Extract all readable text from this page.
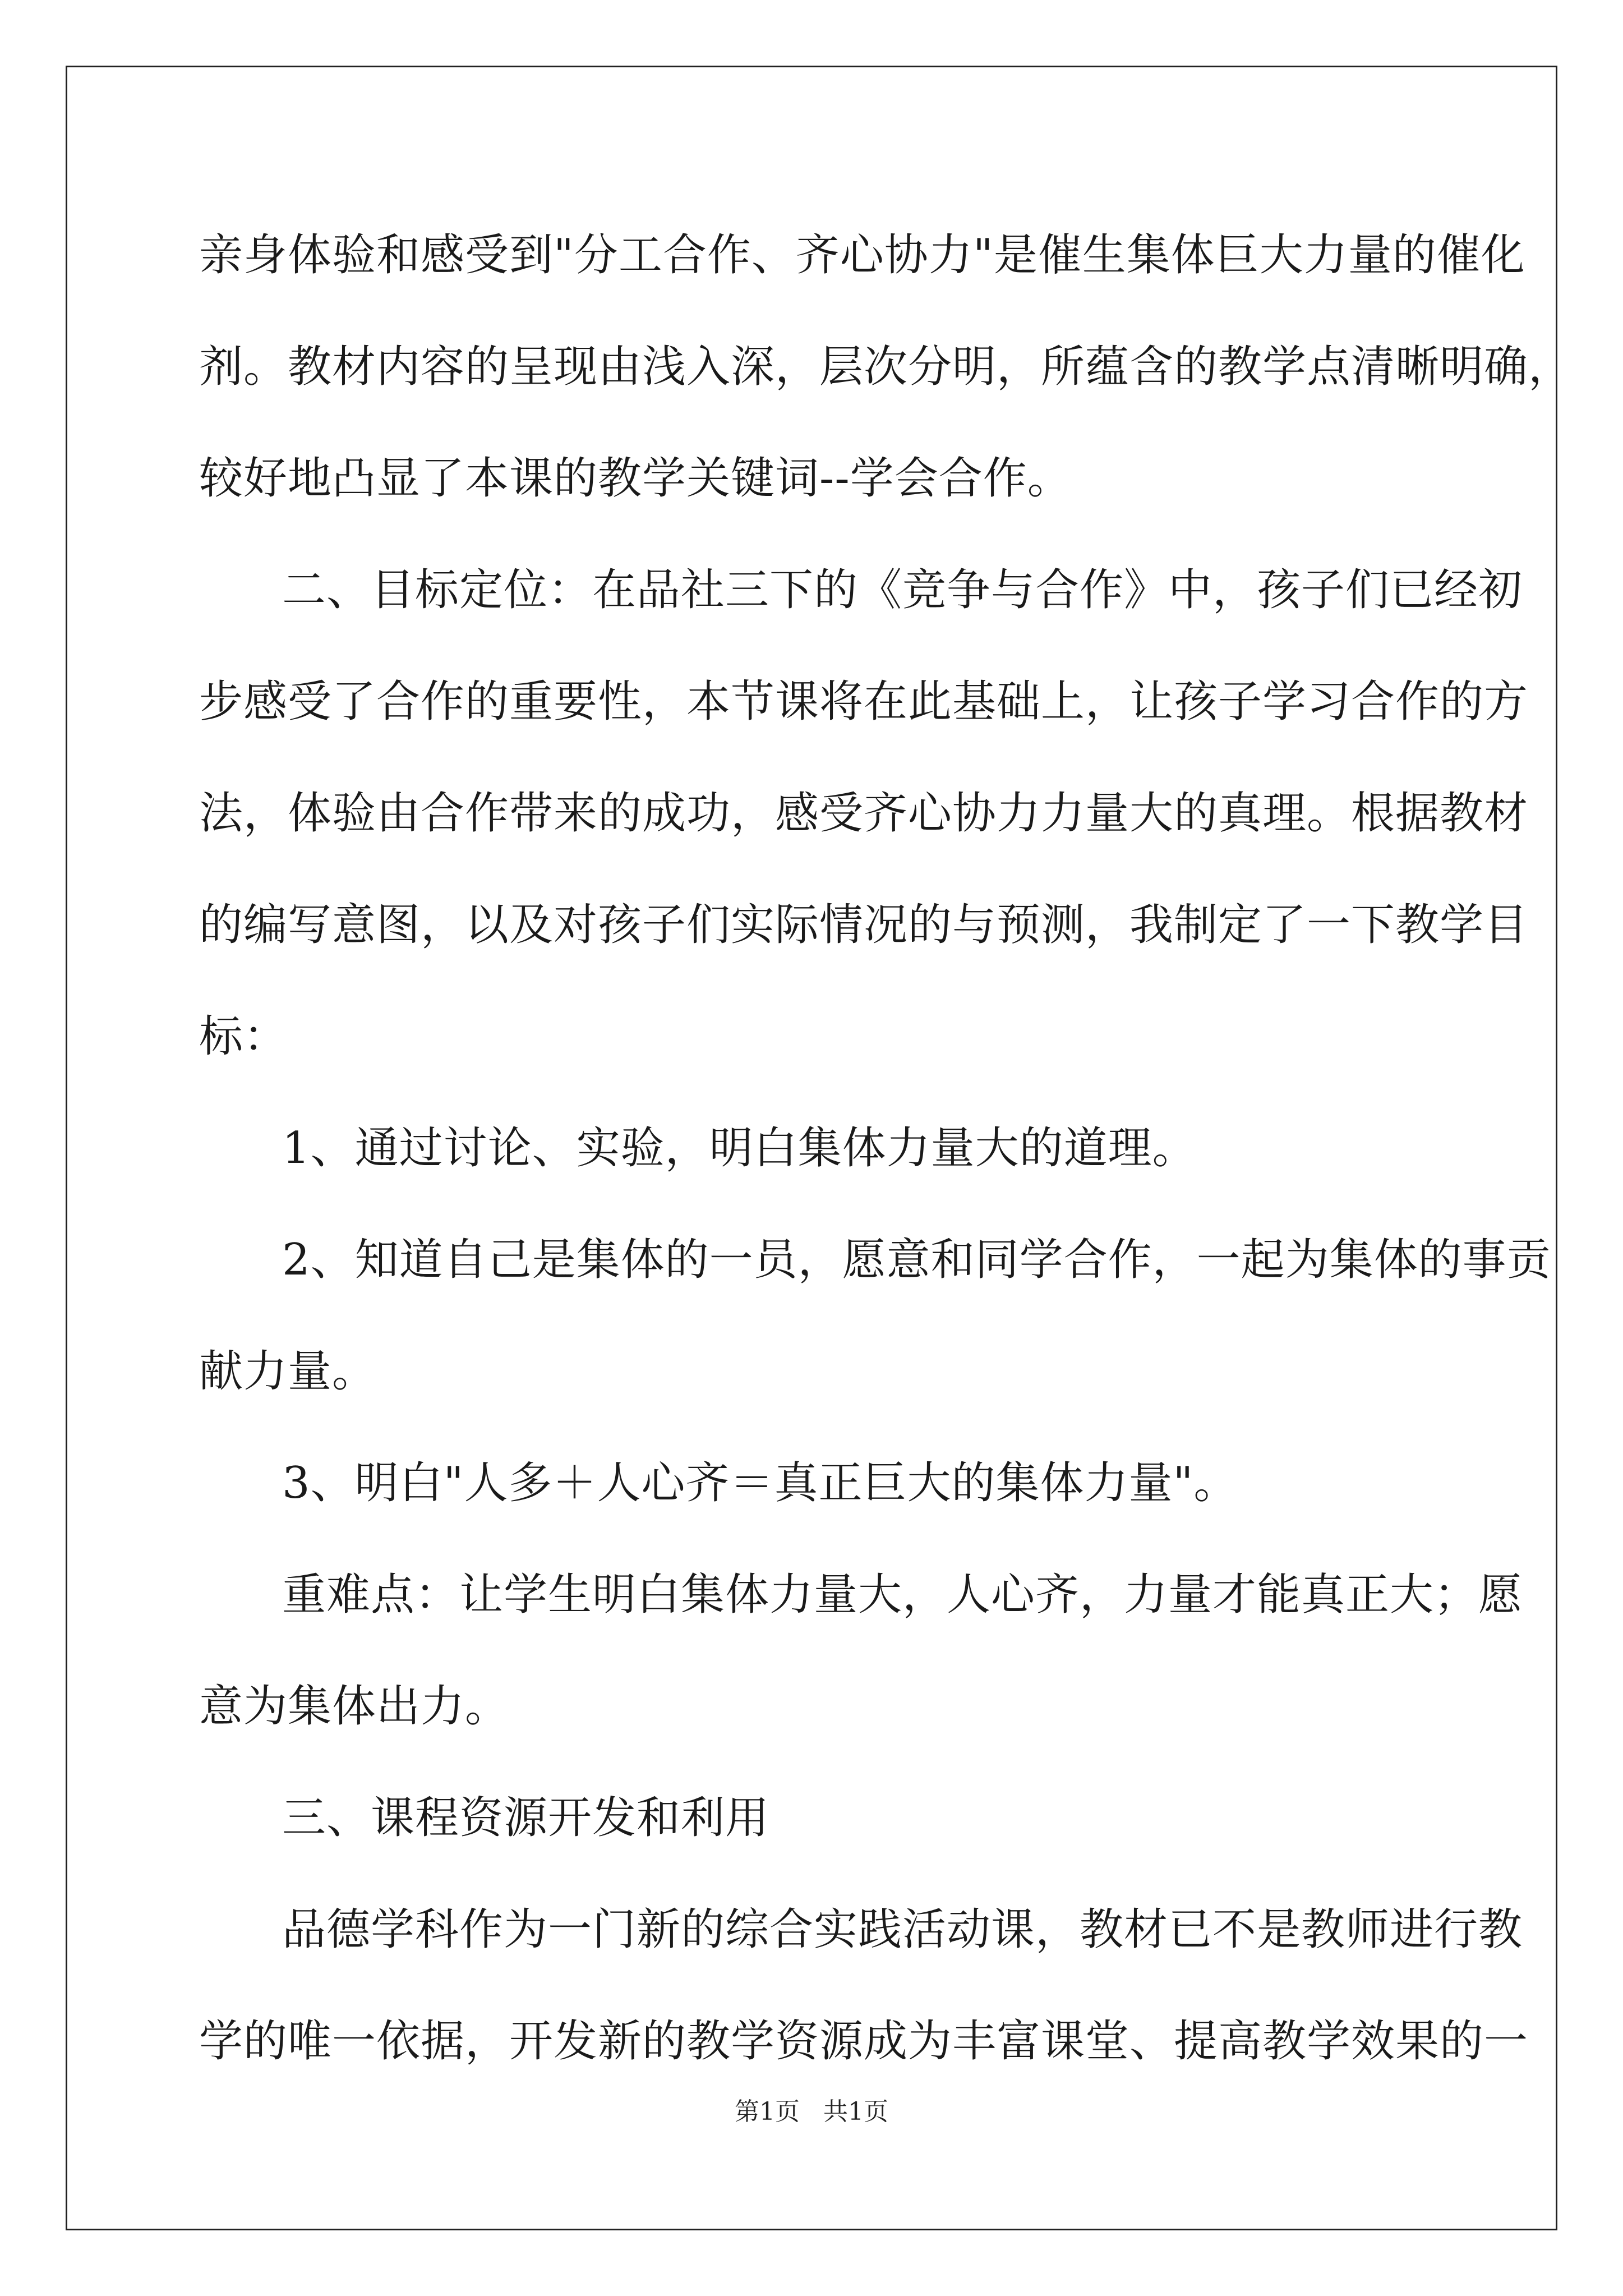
亲身体验和感受到"分工合作、齐心协力"是催生集体巨大力量的催化
剂。教材内容的呈现由浅入深，层次分明，所蕴含的教学点清晰明确，
较好地凸显了本课的教学关键词--学会合作。
二、目标定位：在品社三下的《竞争与合作》中，孩子们已经初
步感受了合作的重要性，本节课将在此基础上，让孩子学习合作的方
法，体验由合作带来的成功，感受齐心协力力量大的真理。根据教材
的编写意图，以及对孩子们实际情况的与预测，我制定了一下教学目
标：
1、通过讨论、实验，明白集体力量大的道理。
2、知道自己是集体的一员，愿意和同学合作，一起为集体的事贡
献力量。
3、明白"人多＋人心齐＝真正巨大的集体力量"。
重难点：让学生明白集体力量大，人心齐，力量才能真正大；愿
意为集体出力。
三、课程资源开发和利用
品德学科作为一门新的综合实践活动课，教材已不是教师进行教
学的唯一依据，开发新的教学资源成为丰富课堂、提高教学效果的一
第1页 共1页
